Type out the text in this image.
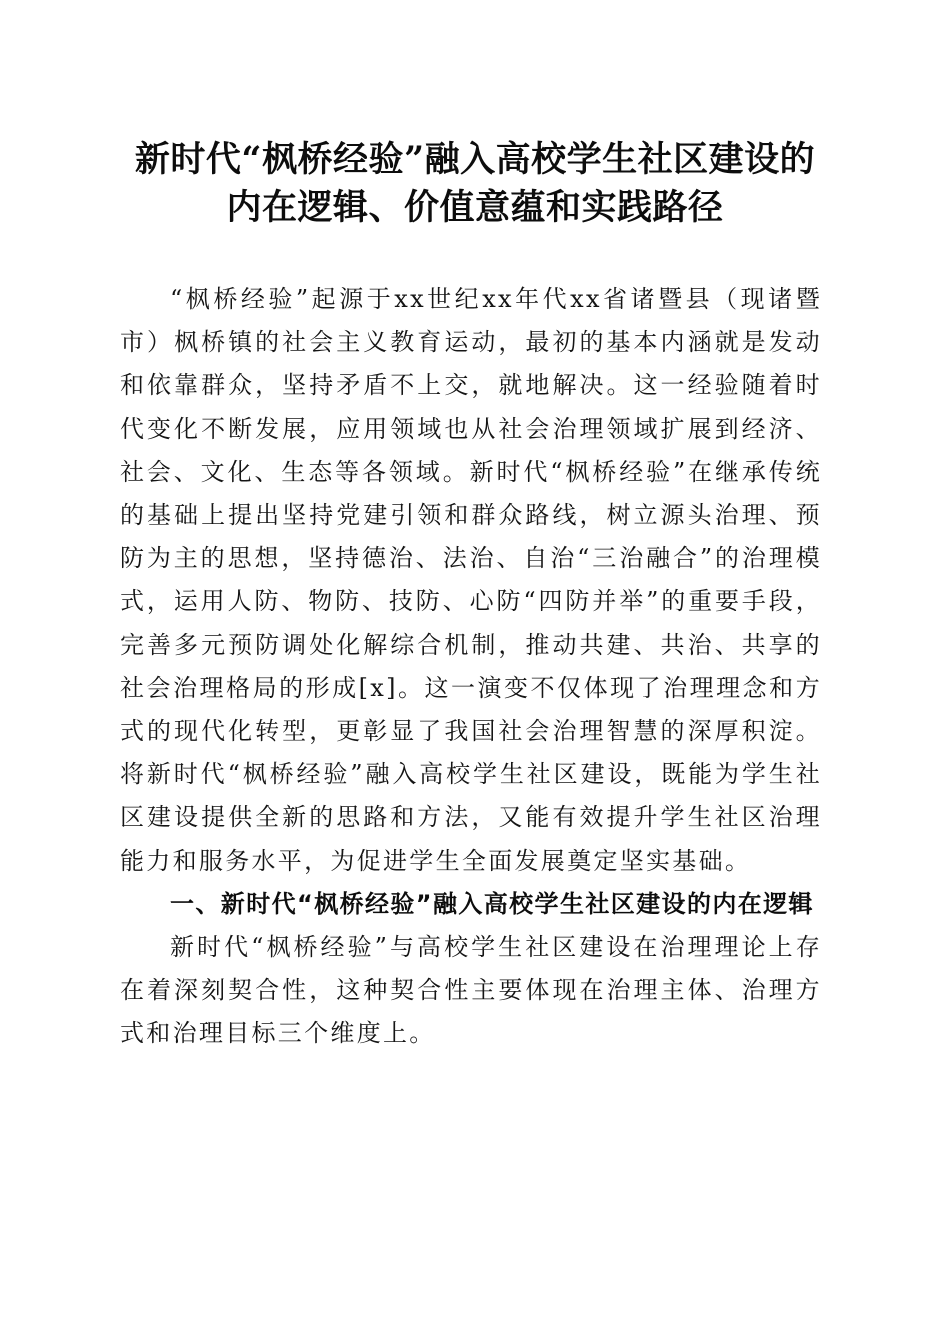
新时代“枫桥经验”融入高校学生社区建设的
内在逻辑、价值意蕴和实践路径

“枫桥经验”起源于xx世纪xx年代xx省诸暨县（现诸暨市）枫桥镇的社会主义教育运动，最初的基本内涵就是发动和依靠群众，坚持矛盾不上交，就地解决。这一经验随着时代变化不断发展，应用领域也从社会治理领域扩展到经济、社会、文化、生态等各领域。新时代“枫桥经验”在继承传统的基础上提出坚持党建引领和群众路线，树立源头治理、预防为主的思想，坚持德治、法治、自治“三治融合”的治理模式，运用人防、物防、技防、心防“四防并举”的重要手段，完善多元预防调处化解综合机制，推动共建、共治、共享的社会治理格局的形成[x]。这一演变不仅体现了治理理念和方式的现代化转型，更彰显了我国社会治理智慧的深厚积淀。将新时代“枫桥经验”融入高校学生社区建设，既能为学生社区建设提供全新的思路和方法，又能有效提升学生社区治理能力和服务水平，为促进学生全面发展奠定坚实基础。

一、新时代“枫桥经验”融入高校学生社区建设的内在逻辑

新时代“枫桥经验”与高校学生社区建设在治理理论上存在着深刻契合性，这种契合性主要体现在治理主体、治理方式和治理目标三个维度上。
